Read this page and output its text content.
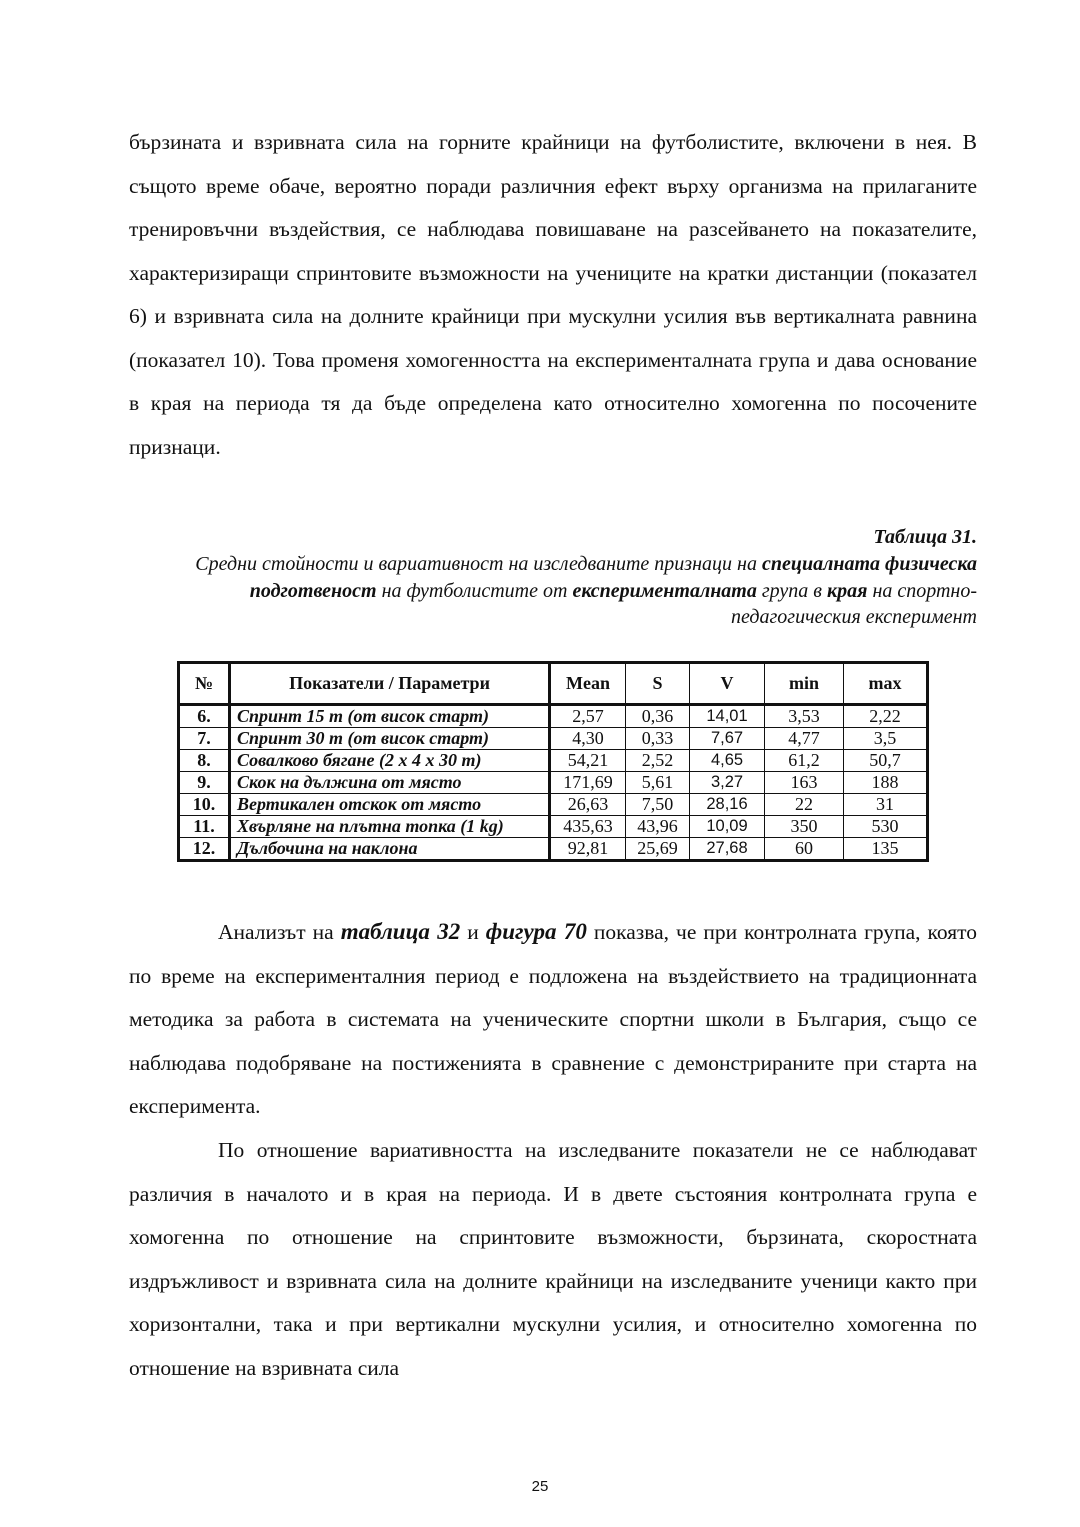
бързината и взривната сила на горните крайници на футболистите, включени в нея. В същото време обаче, вероятно поради различния ефект върху организма на прилаганите тренировъчни въздействия, се наблюдава повишаване на разсейването на показателите, характеризиращи спринтовите възможности на учениците на кратки дистанции (показател 6) и взривната сила на долните крайници при мускулни усилия във вертикалната равнина (показател 10). Това променя хомогенността на експерименталната група и дава основание в края на периода тя да бъде определена като относително хомогенна по посочените признаци.

Таблица 31.

Средни стойности и вариативност на изследваните признаци на специалната физическа подготвеност на футболистите от експерименталната група в края на спортно-педагогическия експеримент

№	Показатели / Параметри	Mean	S	V	min	max
6.	Спринт 15 m (от висок старт)	2,57	0,36	14,01	3,53	2,22
7.	Спринт 30 m (от висок старт)	4,30	0,33	7,67	4,77	3,5
8.	Совалково бягане (2 х 4 х 30 m)	54,21	2,52	4,65	61,2	50,7
9.	Скок на дължина от място	171,69	5,61	3,27	163	188
10.	Вертикален отскок от място	26,63	7,50	28,16	22	31
11.	Хвърляне на плътна топка (1 kg)	435,63	43,96	10,09	350	530
12.	Дълбочина на наклона	92,81	25,69	27,68	60	135

Анализът на таблица 32 и фигура 70 показва, че при контролната група, която по време на експерименталния период е подложена на въздействието на традиционната методика за работа в системата на ученическите спортни школи в България, също се наблюдава подобряване на постиженията в сравнение с демонстрираните при старта на експеримента.

По отношение вариативността на изследваните показатели не се наблюдават различия в началото и в края на периода. И в двете състояния контролната група е хомогенна по отношение на спринтовите възможности, бързината, скоростната издръжливост и взривната сила на долните крайници на изследваните ученици както при хоризонтални, така и при вертикални мускулни усилия, и относително хомогенна по отношение на взривната сила

25
